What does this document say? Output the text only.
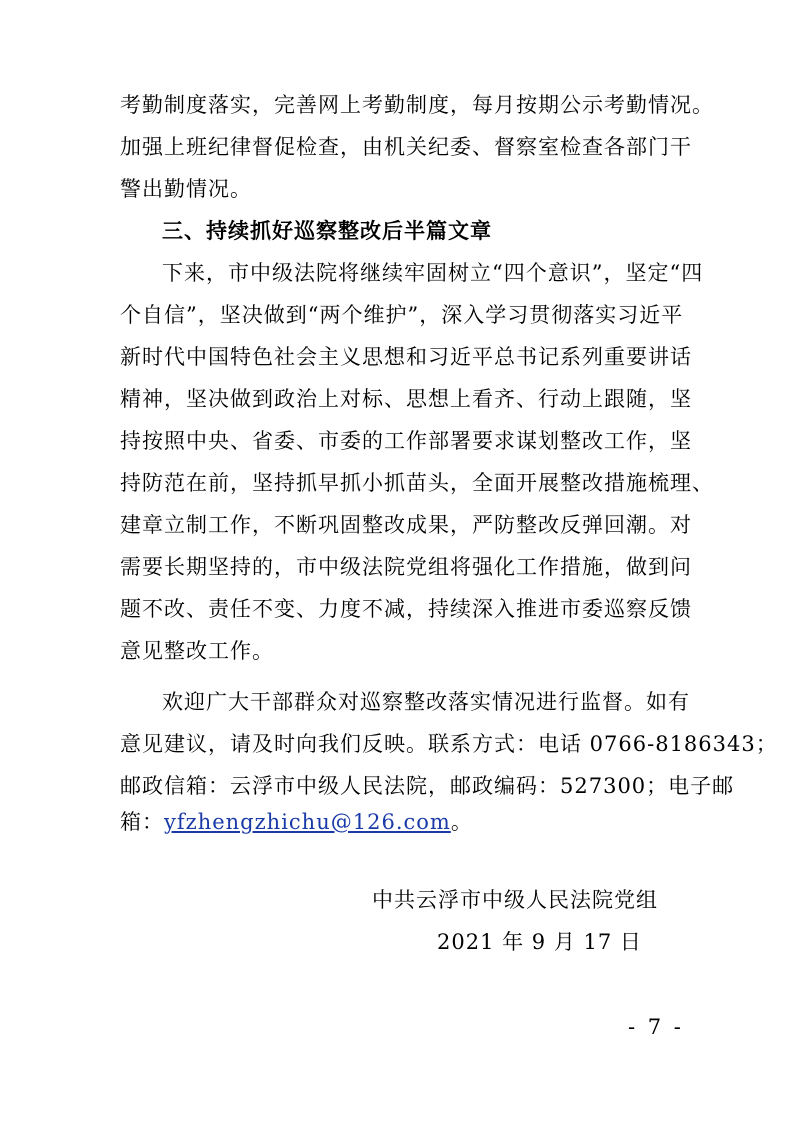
考勤制度落实，完善网上考勤制度，每月按期公示考勤情况。
加强上班纪律督促检查，由机关纪委、督察室检查各部门干
警出勤情况。
三、持续抓好巡察整改后半篇文章
下来，市中级法院将继续牢固树立“四个意识”，坚定“四
个自信”，坚决做到“两个维护”，深入学习贯彻落实习近平
新时代中国特色社会主义思想和习近平总书记系列重要讲话
精神，坚决做到政治上对标、思想上看齐、行动上跟随，坚
持按照中央、省委、市委的工作部署要求谋划整改工作，坚
持防范在前，坚持抓早抓小抓苗头，全面开展整改措施梳理、
建章立制工作，不断巩固整改成果，严防整改反弹回潮。对
需要长期坚持的，市中级法院党组将强化工作措施，做到问
题不改、责任不变、力度不减，持续深入推进市委巡察反馈
意见整改工作。
欢迎广大干部群众对巡察整改落实情况进行监督。如有
意见建议，请及时向我们反映。联系方式：电话 0766-8186343；
邮政信箱：云浮市中级人民法院，邮政编码：527300；电子邮
箱：yfzhengzhichu@126.com。
中共云浮市中级人民法院党组
2021 年 9 月 17 日
- 7 -
